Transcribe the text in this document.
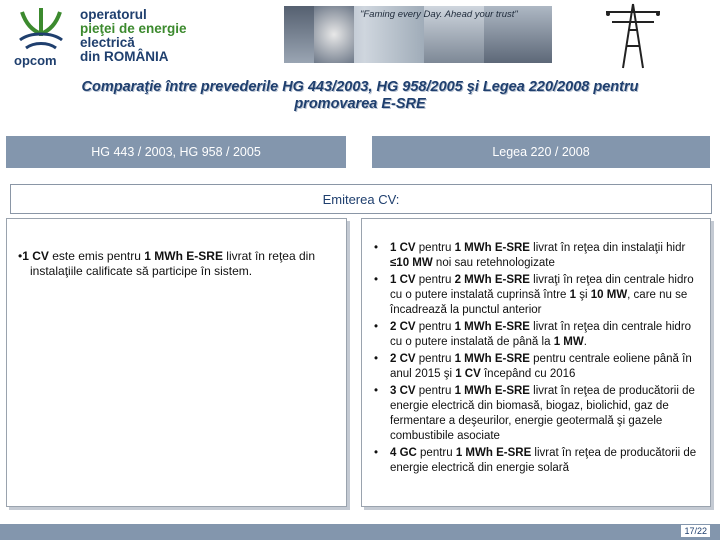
operatorul
pieţei de energie
electrică
din ROMÂNIA
opcom
"Faming every Day. Ahead your trust"
Comparaţie între prevederile HG 443/2003, HG 958/2005 şi Legea 220/2008 pentru
promovarea E-SRE
HG 443 / 2003, HG 958 / 2005	Legea 220 / 2008
Emiterea CV:

•1 CV este emis pentru 1 MWh E-SRE livrat în reţea din instalaţiile calificate să participe în sistem.

• 1 CV pentru 1 MWh E-SRE livrat în reţea din instalaţii hidr ≤10 MW noi sau retehnologizate
• 1 CV pentru 2 MWh E-SRE livraţi în reţea din centrale hidro cu o putere instalată cuprinsă între 1 şi 10 MW, care nu se încadrează la punctul anterior
• 2 CV pentru 1 MWh E-SRE livrat în reţea din centrale hidro cu o putere instalată de până la 1 MW.
• 2 CV pentru 1 MWh E-SRE pentru centrale eoliene până în anul 2015 şi 1 CV începând cu 2016
• 3 CV pentru 1 MWh E-SRE livrat în reţea de producătorii de energie electrică din biomasă, biogaz, biolichid, gaz de fermentare a deşeurilor, energie geotermală şi gazele combustibile asociate
• 4 GC pentru 1 MWh E-SRE livrat în reţea de producătorii de energie electrică din energie solară
17/22
